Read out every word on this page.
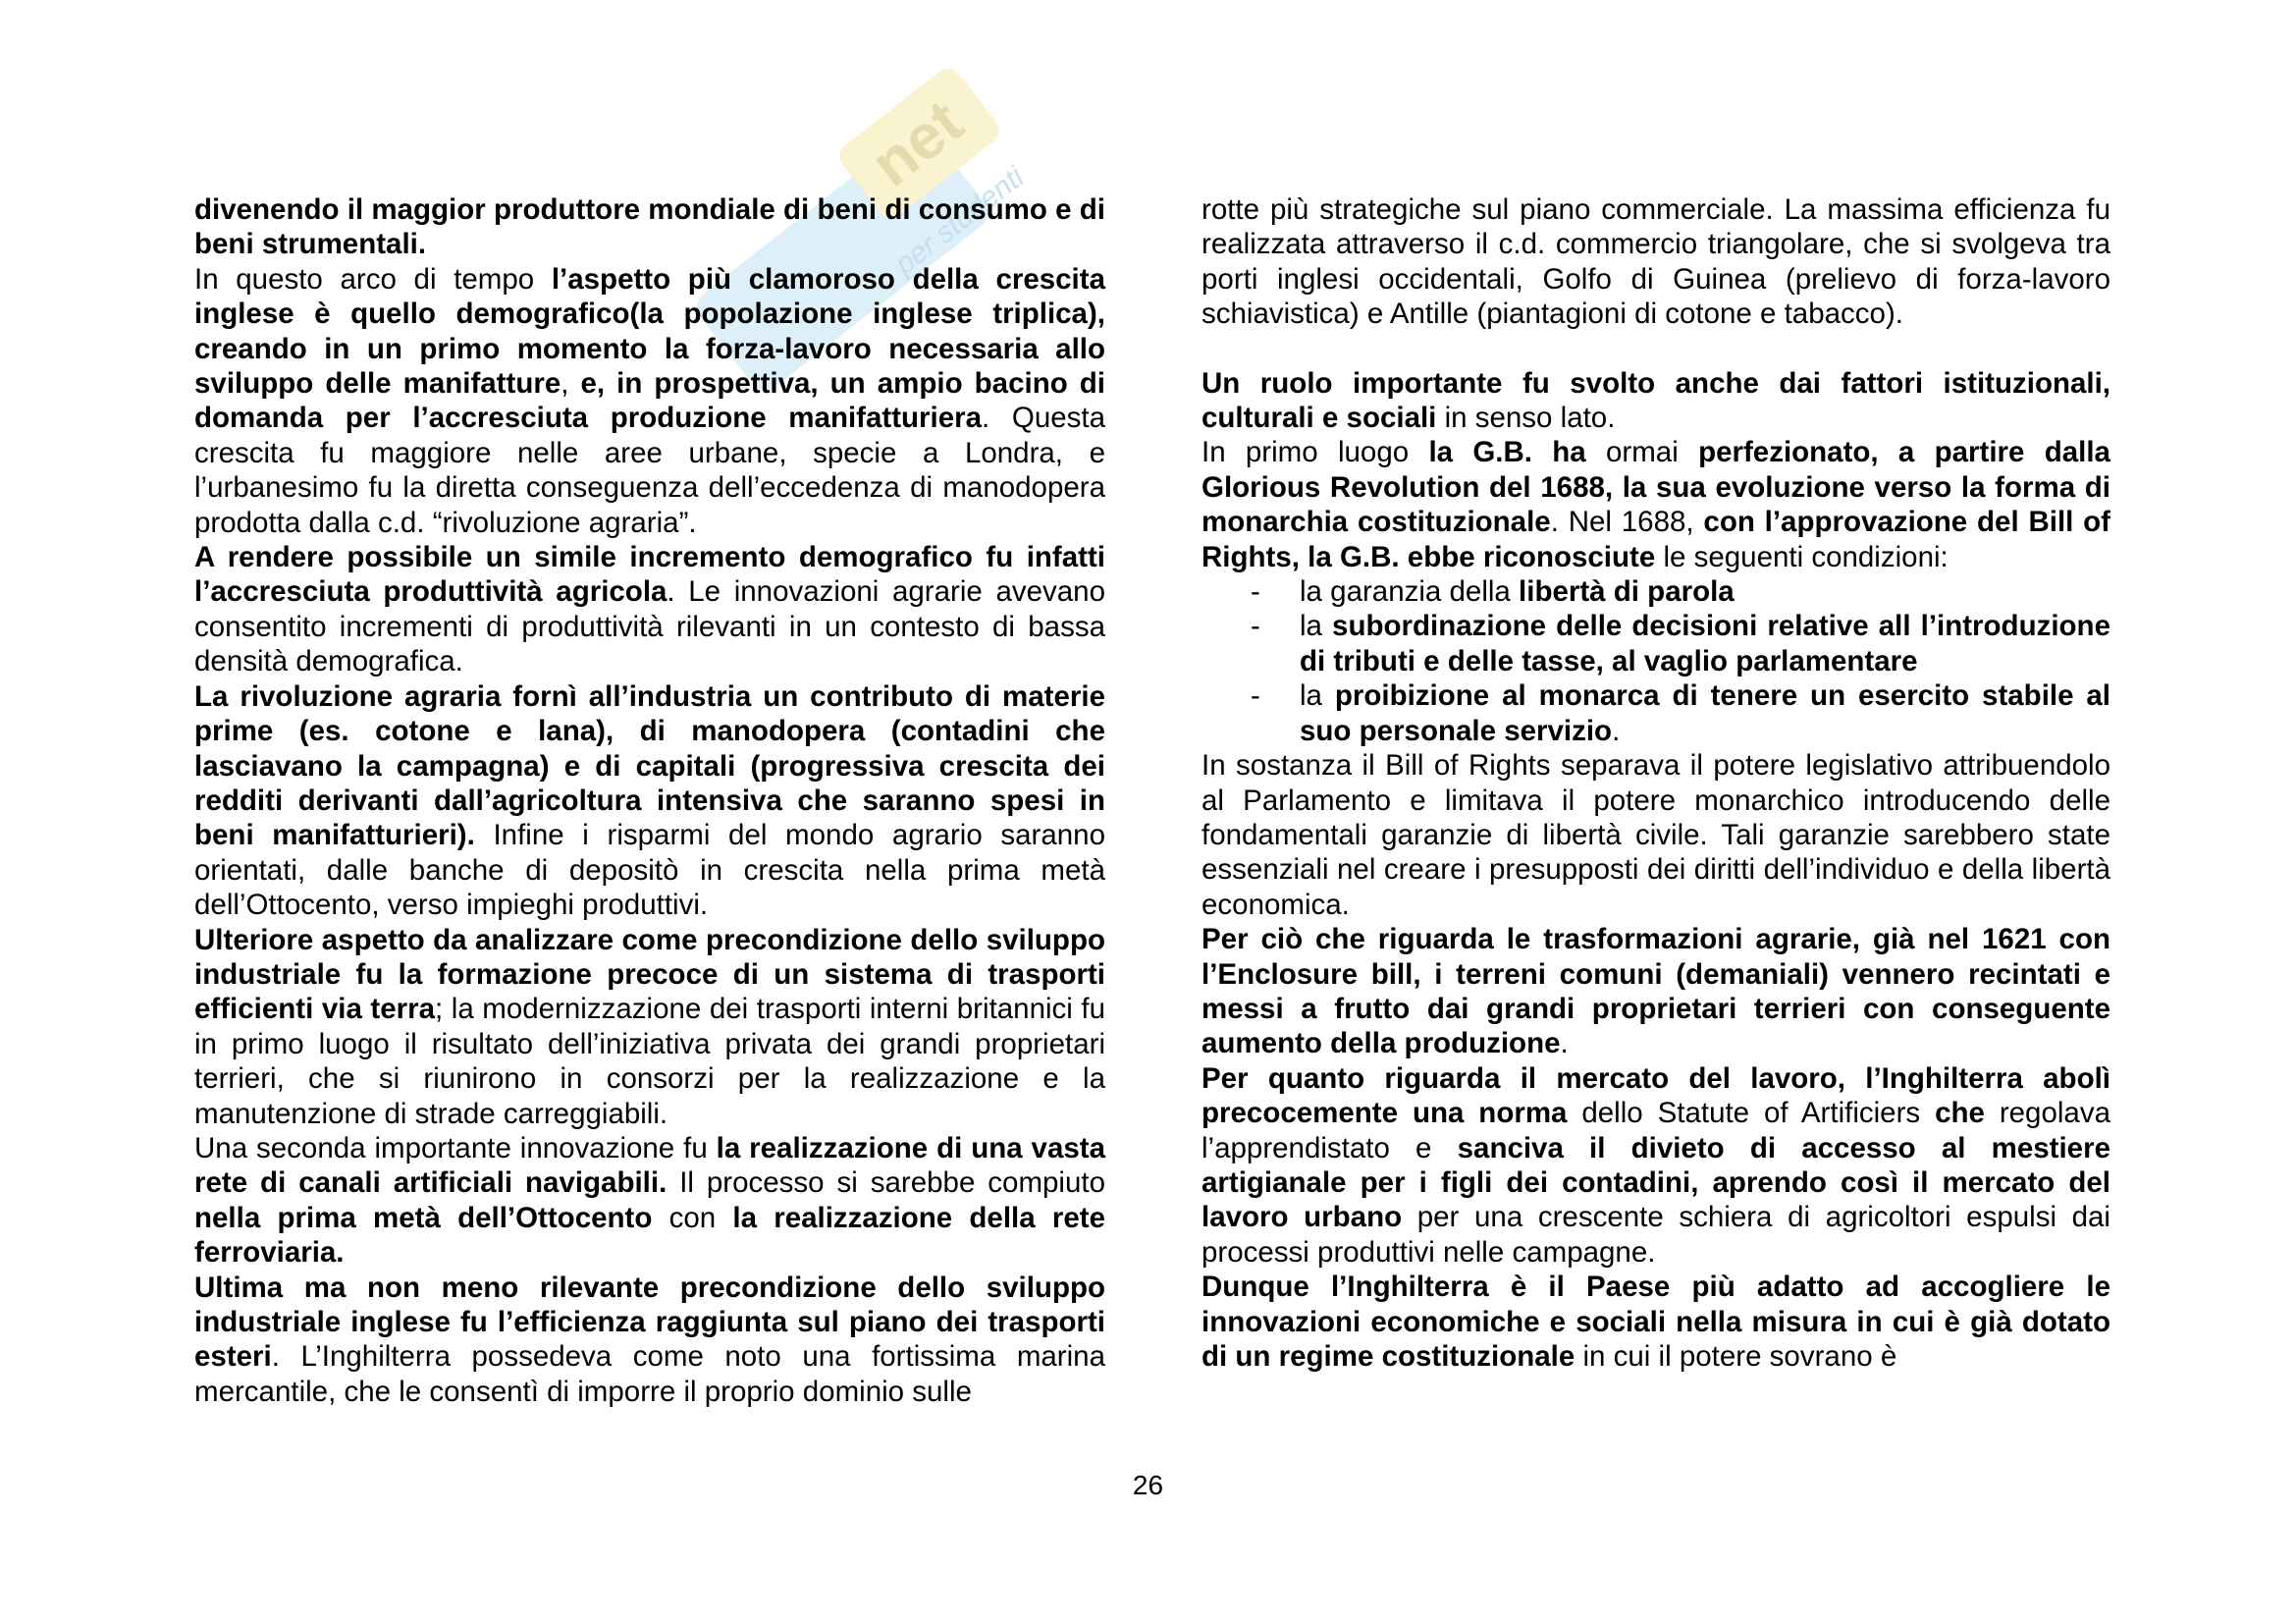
net
per studenti

divenendo il maggior produttore mondiale di beni di consumo e di beni strumentali.

In questo arco di tempo l’aspetto più clamoroso della crescita inglese è quello demografico(la popolazione inglese triplica), creando in un primo momento la forza-lavoro necessaria allo sviluppo delle manifatture, e, in prospettiva, un ampio bacino di domanda per l’accresciuta produzione manifatturiera. Questa crescita fu maggiore nelle aree urbane, specie a Londra, e l’urbanesimo fu la diretta conseguenza dell’eccedenza di manodopera prodotta dalla c.d. “rivoluzione agraria”.

A rendere possibile un simile incremento demografico fu infatti l’accresciuta produttività agricola. Le innovazioni agrarie avevano consentito incrementi di produttività rilevanti in un contesto di bassa densità demografica.

La rivoluzione agraria fornì all’industria un contributo di materie prime (es. cotone e lana), di manodopera (contadini che lasciavano la campagna) e di capitali (progressiva crescita dei redditi derivanti dall’agricoltura intensiva che saranno spesi in beni manifatturieri). Infine i risparmi del mondo agrario saranno orientati, dalle banche di depositò in crescita nella prima metà dell’Ottocento, verso impieghi produttivi.

Ulteriore aspetto da analizzare come precondizione dello sviluppo industriale fu la formazione precoce di un sistema di trasporti efficienti via terra; la modernizzazione dei trasporti interni britannici fu in primo luogo il risultato dell’iniziativa privata dei grandi proprietari terrieri, che si riunirono in consorzi per la realizzazione e la manutenzione di strade carreggiabili.

Una seconda importante innovazione fu la realizzazione di una vasta rete di canali artificiali navigabili. Il processo si sarebbe compiuto nella prima metà dell’Ottocento con la realizzazione della rete ferroviaria.

Ultima ma non meno rilevante precondizione dello sviluppo industriale inglese fu l’efficienza raggiunta sul piano dei trasporti esteri. L’Inghilterra possedeva come noto una fortissima marina mercantile, che le consentì di imporre il proprio dominio sulle

rotte più strategiche sul piano commerciale. La massima efficienza fu realizzata attraverso il c.d. commercio triangolare, che si svolgeva tra porti inglesi occidentali, Golfo di Guinea (prelievo di forza-lavoro schiavistica) e Antille (piantagioni di cotone e tabacco).

Un ruolo importante fu svolto anche dai fattori istituzionali, culturali e sociali in senso lato.

In primo luogo la G.B. ha ormai perfezionato, a partire dalla Glorious Revolution del 1688, la sua evoluzione verso la forma di monarchia costituzionale. Nel 1688, con l’approvazione del Bill of Rights, la G.B. ebbe riconosciute le seguenti condizioni:

- la garanzia della libertà di parola
- la subordinazione delle decisioni relative all l’introduzione di tributi e delle tasse, al vaglio parlamentare
- la proibizione al monarca di tenere un esercito stabile al suo personale servizio.

In sostanza il Bill of Rights separava il potere legislativo attribuendolo al Parlamento e limitava il potere monarchico introducendo delle fondamentali garanzie di libertà civile. Tali garanzie sarebbero state essenziali nel creare i presupposti dei diritti dell’individuo e della libertà economica.

Per ciò che riguarda le trasformazioni agrarie, già nel 1621 con l’Enclosure bill, i terreni comuni (demaniali) vennero recintati e messi a frutto dai grandi proprietari terrieri con conseguente aumento della produzione.

Per quanto riguarda il mercato del lavoro, l’Inghilterra abolì precocemente una norma dello Statute of Artificiers che regolava l’apprendistato e sanciva il divieto di accesso al mestiere artigianale per i figli dei contadini, aprendo così il mercato del lavoro urbano per una crescente schiera di agricoltori espulsi dai processi produttivi nelle campagne.

Dunque l’Inghilterra è il Paese più adatto ad accogliere le innovazioni economiche e sociali nella misura in cui è già dotato di un regime costituzionale in cui il potere sovrano è

26
